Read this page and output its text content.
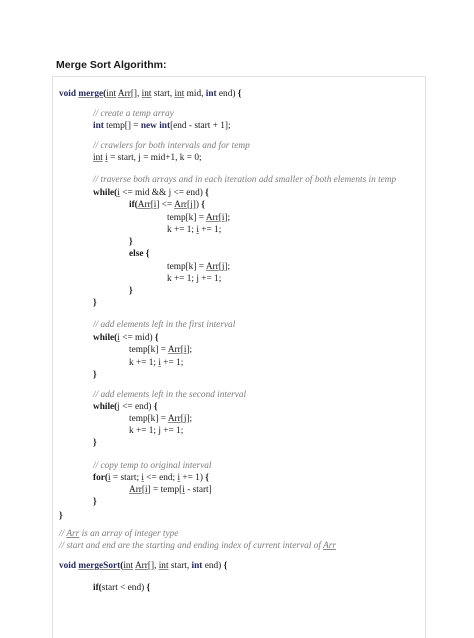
Merge Sort Algorithm:
void merge(int Arr[], int start, int mid, int end) {
// create a temp array
int temp[] = new int[end - start + 1];
// crawlers for both intervals and for temp
int i = start, j = mid+1, k = 0;
// traverse both arrays and in each iteration add smaller of both elements in temp
while(i <= mid && j <= end) {
if(Arr[i] <= Arr[j]) {
temp[k] = Arr[i];
k += 1; i += 1;
}
else {
temp[k] = Arr[j];
k += 1; j += 1;
}
}
// add elements left in the first interval
while(i <= mid) {
temp[k] = Arr[i];
k += 1; i += 1;
}
// add elements left in the second interval
while(j <= end) {
temp[k] = Arr[j];
k += 1; j += 1;
}
// copy temp to original interval
for(i = start; i <= end; i += 1) {
Arr[i] = temp[i - start]
}
}
// Arr is an array of integer type
// start and end are the starting and ending index of current interval of Arr
void mergeSort(int Arr[], int start, int end) {
if(start < end) {
